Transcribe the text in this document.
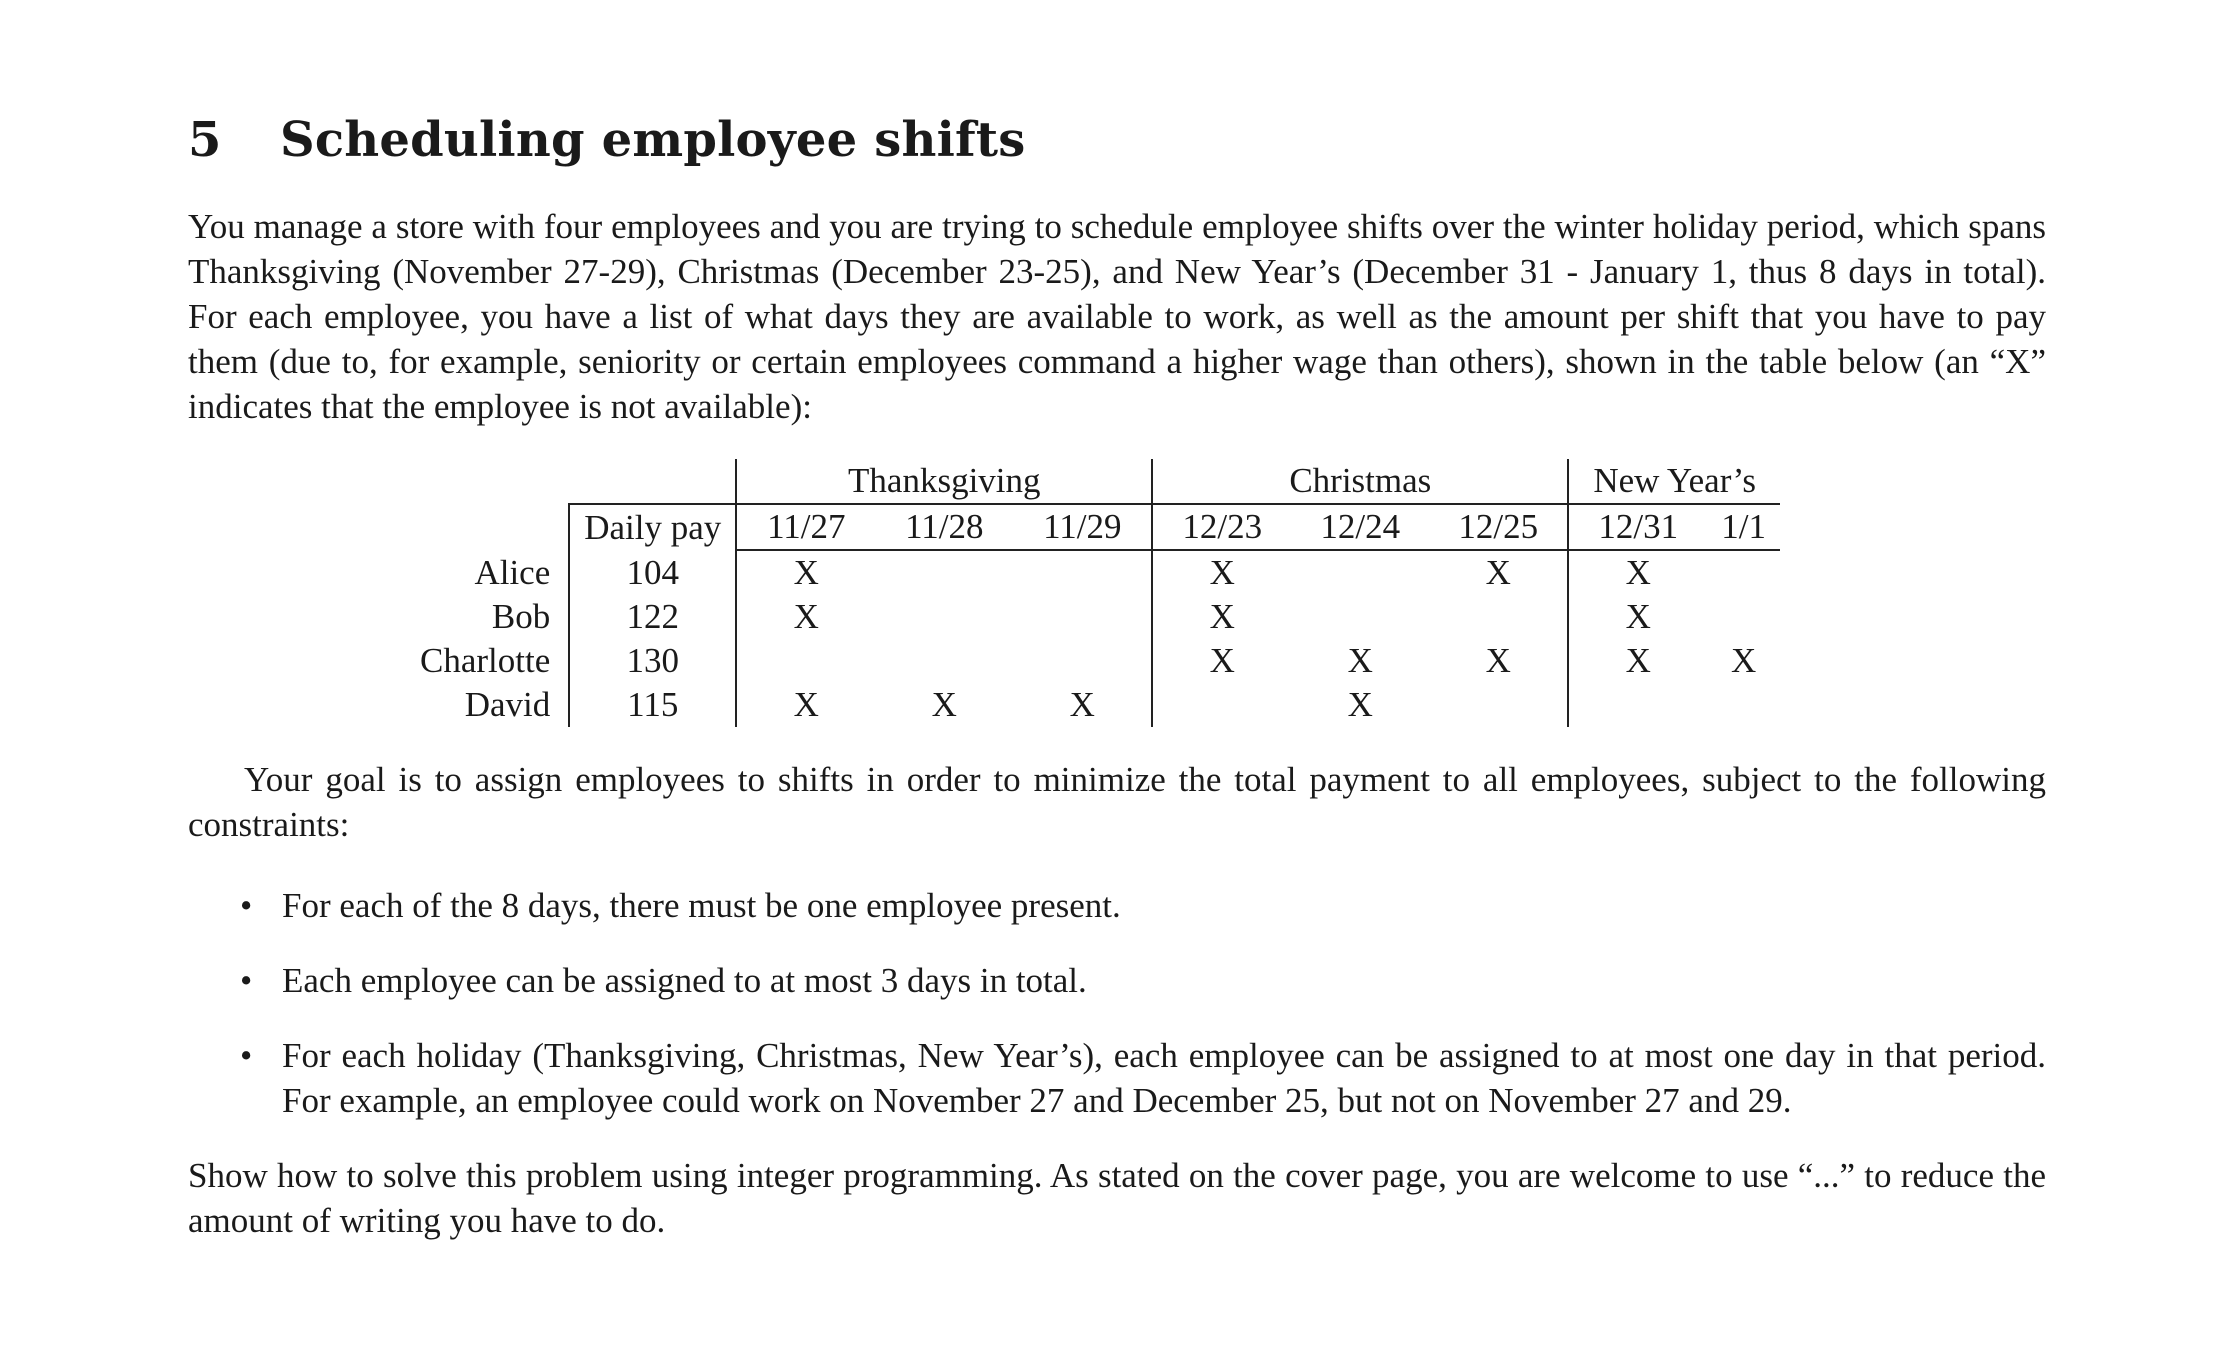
5	Scheduling employee shifts

You manage a store with four employees and you are trying to schedule employee shifts over the winter holiday period, which spans Thanksgiving (November 27-29), Christmas (December 23-25), and New Year’s (December 31 - January 1, thus 8 days in total). For each employee, you have a list of what days they are available to work, as well as the amount per shift that you have to pay them (due to, for example, seniority or certain employees command a higher wage than others), shown in the table below (an “X” indicates that the employee is not available):

		Thanksgiving			Christmas			New Year’s	
	Daily pay	11/27	11/28	11/29	12/23	12/24	12/25	12/31	1/1
Alice	104	X			X		X	X	
Bob	122	X			X			X	
Charlotte	130				X	X	X	X	X
David	115	X	X	X		X			

Your goal is to assign employees to shifts in order to minimize the total payment to all employees, subject to the following constraints:

• For each of the 8 days, there must be one employee present.
• Each employee can be assigned to at most 3 days in total.
• For each holiday (Thanksgiving, Christmas, New Year’s), each employee can be assigned to at most one day in that period. For example, an employee could work on November 27 and December 25, but not on November 27 and 29.

Show how to solve this problem using integer programming. As stated on the cover page, you are welcome to use “...” to reduce the amount of writing you have to do.
